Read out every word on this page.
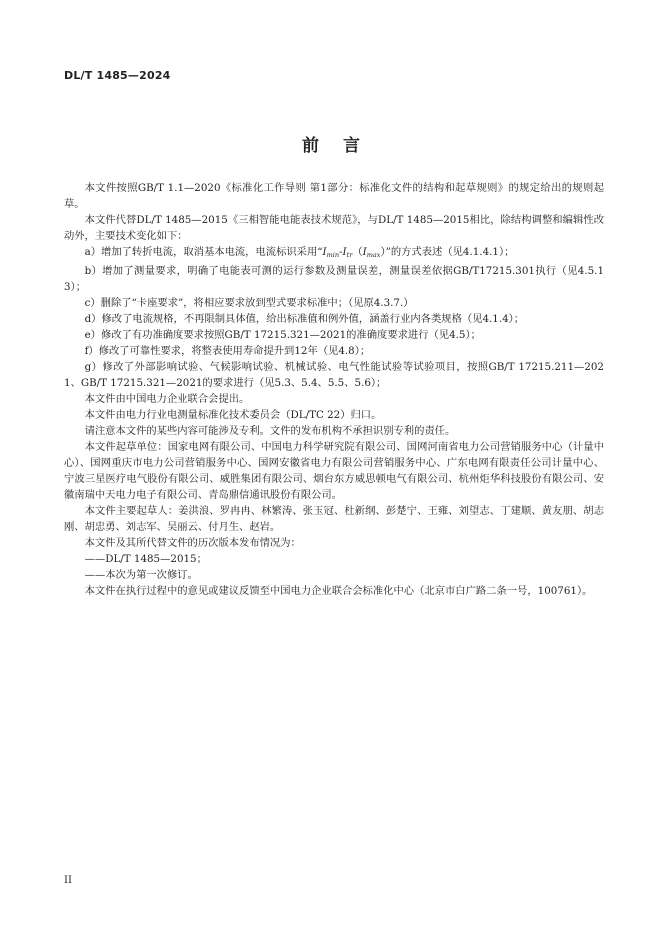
DL/T 1485—2024
前言

本文件按照GB/T 1.1—2020《标准化工作导则 第1部分：标准化文件的结构和起草规则》的规定给出的规则起草。

本文件代替DL/T 1485—2015《三相智能电能表技术规范》，与DL/T 1485—2015相比，除结构调整和编辑性改动外，主要技术变化如下：

a）增加了转折电流，取消基本电流，电流标识采用“$I_{min}-I_{tr}(I_{max})$”的方式表述（见4.1.4.1）；

b）增加了测量要求，明确了电能表可测的运行参数及测量误差，测量误差依据GB/T17215.301执行（见4.5.13）；

c）删除了“卡座要求”，将相应要求放到型式要求标准中；（见原4.3.7.）

d）修改了电流规格，不再限制具体值，给出标准值和例外值，涵盖行业内各类规格（见4.1.4）；

e）修改了有功准确度要求按照GB/T 17215.321—2021的准确度要求进行（见4.5）；

f）修改了可靠性要求，将整表使用寿命提升到12年（见4.8）；

g）修改了外部影响试验、气候影响试验、机械试验、电气性能试验等试验项目，按照GB/T 17215.211—2021、GB/T 17215.321—2021的要求进行（见5.3、5.4、5.5、5.6）；

本文件由中国电力企业联合会提出。

本文件由电力行业电测量标准化技术委员会（DL/TC 22）归口。

请注意本文件的某些内容可能涉及专利。文件的发布机构不承担识别专利的责任。

本文件起草单位：国家电网有限公司、中国电力科学研究院有限公司、国网河南省电力公司营销服务中心（计量中心）、国网重庆市电力公司营销服务中心、国网安徽省电力有限公司营销服务中心、广东电网有限责任公司计量中心、宁波三星医疗电气股份有限公司、威胜集团有限公司、烟台东方威思顿电气有限公司、杭州炬华科技股份有限公司、安徽南瑞中天电力电子有限公司、青岛鼎信通讯股份有限公司。

本文件主要起草人：姜洪浪、罗冉冉、林繁涛、张玉冠、杜新纲、彭楚宁、王雍、刘望志、丁建顺、黄友朋、胡志刚、胡忠勇、刘志军、吴丽云、付月生、赵岩。

本文件及其所代替文件的历次版本发布情况为：

——DL/T 1485—2015；

——本次为第一次修订。

本文件在执行过程中的意见或建议反馈至中国电力企业联合会标准化中心（北京市白广路二条一号，100761）。

II
